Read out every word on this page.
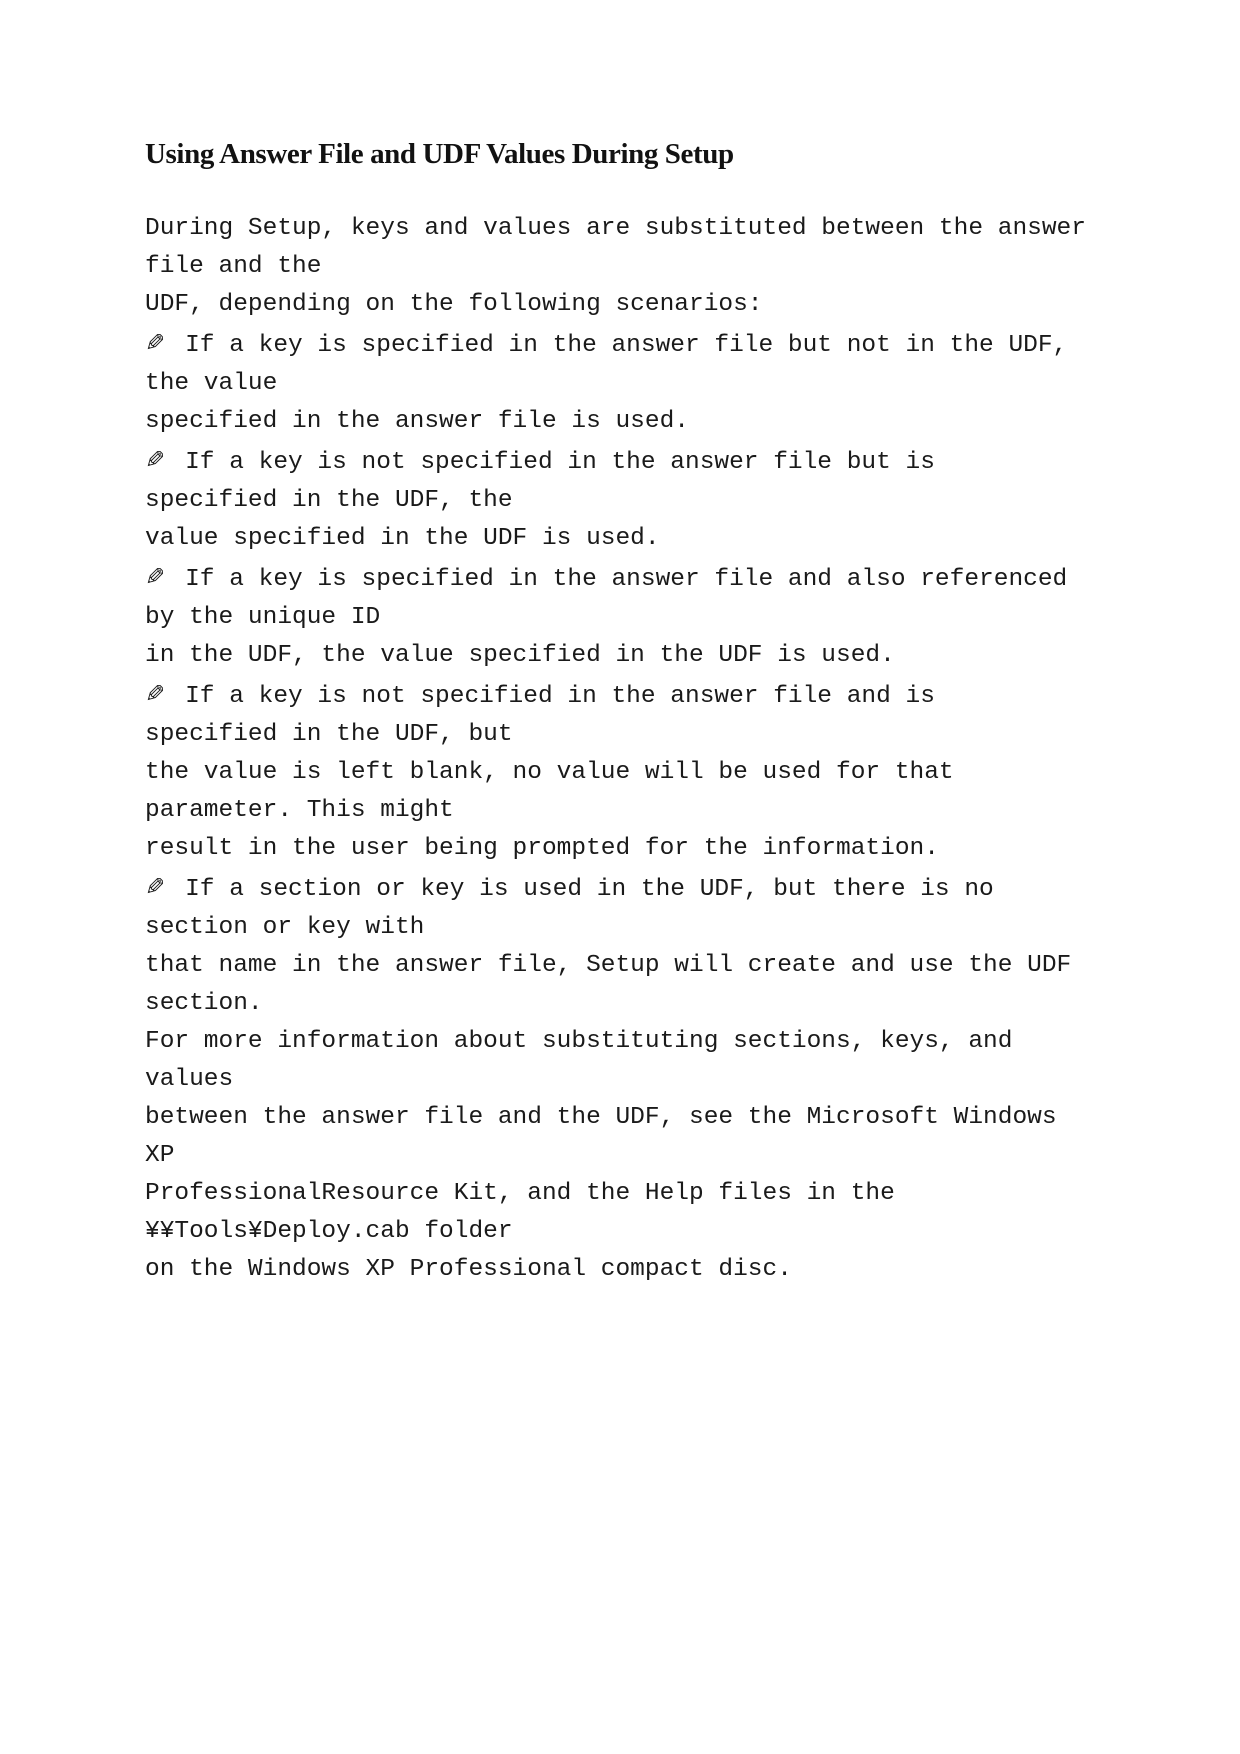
Using Answer File and UDF Values During Setup
During Setup, keys and values are substituted between the answer
file and the
UDF, depending on the following scenarios:
✎ If a key is specified in the answer file but not in the UDF,
the value
specified in the answer file is used.
✎ If a key is not specified in the answer file but is
specified in the UDF, the
value specified in the UDF is used.
✎ If a key is specified in the answer file and also referenced
by the unique ID
in the UDF, the value specified in the UDF is used.
✎ If a key is not specified in the answer file and is
specified in the UDF, but
the value is left blank, no value will be used for that
parameter. This might
result in the user being prompted for the information.
✎ If a section or key is used in the UDF, but there is no
section or key with
that name in the answer file, Setup will create and use the UDF
section.
For more information about substituting sections, keys, and
values
between the answer file and the UDF, see the Microsoft Windows
XP
ProfessionalResource Kit, and the Help files in the
¥¥Tools¥Deploy.cab folder
on the Windows XP Professional compact disc.
